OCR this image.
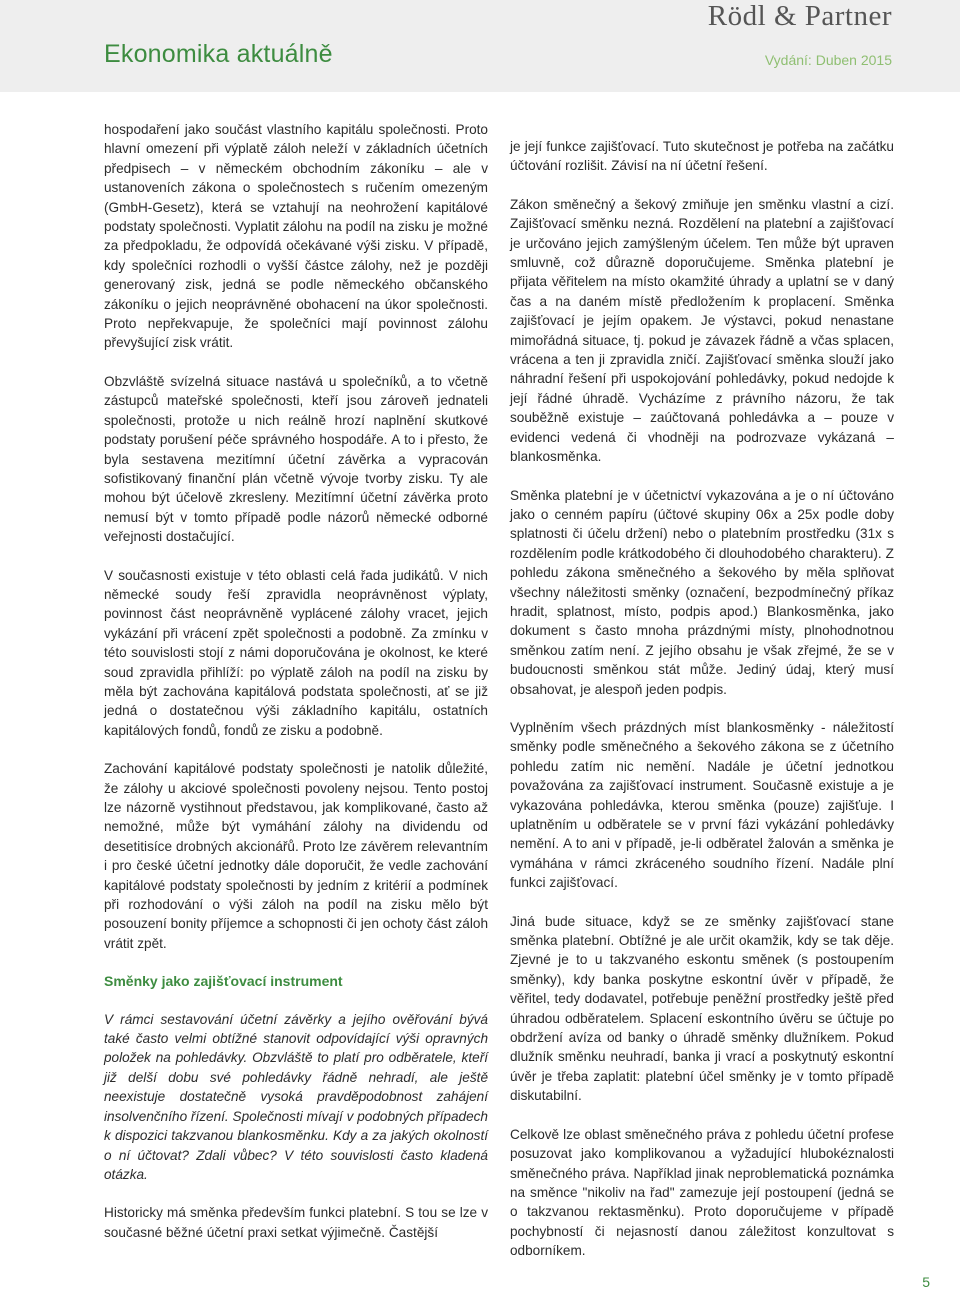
Rödl & Partner
Ekonomika aktuálně	Vydání: Duben 2015

hospodaření jako součást vlastního kapitálu společnosti. Proto hlavní omezení při výplatě záloh neleží v základních účetních předpisech – v německém obchodním zákoníku – ale v ustanoveních zákona o společnostech s ručením omezeným (GmbH-Gesetz), která se vztahují na neohrožení kapitálové podstaty společnosti. Vyplatit zálohu na podíl na zisku je možné za předpokladu, že odpovídá očekávané výši zisku. V případě, kdy společníci rozhodli o vyšší částce zálohy, než je později generovaný zisk, jedná se podle německého občanského zákoníku o jejich neoprávněné obohacení na úkor společnosti. Proto nepřekvapuje, že společníci mají povinnost zálohu převyšující zisk vrátit.

Obzvláště svízelná situace nastává u společníků, a to včetně zástupců mateřské společnosti, kteří jsou zároveň jednateli společnosti, protože u nich reálně hrozí naplnění skutkové podstaty porušení péče správného hospodáře. A to i přesto, že byla sestavena mezitímní účetní závěrka a vypracován sofistikovaný finanční plán včetně vývoje tvorby zisku. Ty ale mohou být účelově zkresleny. Mezitímní účetní závěrka proto nemusí být v tomto případě podle názorů německé odborné veřejnosti dostačující.

V současnosti existuje v této oblasti celá řada judikátů. V nich německé soudy řeší zpravidla neoprávněnost výplaty, povinnost část neoprávněně vyplácené zálohy vracet, jejich vykázání při vrácení zpět společnosti a podobně. Za zmínku v této souvislosti stojí z námi doporučována je okolnost, ke které soud zpravidla přihlíží: po výplatě záloh na podíl na zisku by měla být zachována kapitálová podstata společnosti, ať se již jedná o dostatečnou výši základního kapitálu, ostatních kapitálových fondů, fondů ze zisku a podobně.

Zachování kapitálové podstaty společnosti je natolik důležité, že zálohy u akciové společnosti povoleny nejsou. Tento postoj lze názorně vystihnout představou, jak komplikované, často až nemožné, může být vymáhání zálohy na dividendu od desetitisíce drobných akcionářů. Proto lze závěrem relevantním i pro české účetní jednotky dále doporučit, že vedle zachování kapitálové podstaty společnosti by jedním z kritérií a podmínek při rozhodování o výši záloh na podíl na zisku mělo být posouzení bonity příjemce a schopnosti či jen ochoty část záloh vrátit zpět.

Směnky jako zajišťovací instrument

V rámci sestavování účetní závěrky a jejího ověřování bývá také často velmi obtížné stanovit odpovídající výši opravných položek na pohledávky. Obzvláště to platí pro odběratele, kteří již delší dobu své pohledávky řádně nehradí, ale ještě neexistuje dostatečně vysoká pravděpodobnost zahájení insolvenčního řízení. Společnosti mívají v podobných případech k dispozici takzvanou blankosměnku. Kdy a za jakých okolností o ní účtovat? Zdali vůbec? V této souvislosti často kladená otázka.

Historicky má směnka především funkci platební. S tou se lze v současné běžné účetní praxi setkat výjimečně. Častější

je její funkce zajišťovací. Tuto skutečnost je potřeba na začátku účtování rozlišit. Závisí na ní účetní řešení.

Zákon směnečný a šekový zmiňuje jen směnku vlastní a cizí. Zajišťovací směnku nezná. Rozdělení na platební a zajišťovací je určováno jejich zamýšleným účelem. Ten může být upraven smluvně, což důrazně doporučujeme. Směnka platební je přijata věřitelem na místo okamžité úhrady a uplatní se v daný čas a na daném místě předložením k proplacení. Směnka zajišťovací je jejím opakem. Je výstavci, pokud nenastane mimořádná situace, tj. pokud je závazek řádně a včas splacen, vrácena a ten ji zpravidla zničí. Zajišťovací směnka slouží jako náhradní řešení při uspokojování pohledávky, pokud nedojde k její řádné úhradě. Vycházíme z právního názoru, že tak souběžně existuje – zaúčtovaná pohledávka a – pouze v evidenci vedená či vhodněji na podrozvaze vykázaná – blankosměnka.

Směnka platební je v účetnictví vykazována a je o ní účtováno jako o cenném papíru (účtové skupiny 06x a 25x podle doby splatnosti či účelu držení) nebo o platebním prostředku (31x s rozdělením podle krátkodobého či dlouhodobého charakteru). Z pohledu zákona směnečného a šekového by měla splňovat všechny náležitosti směnky (označení, bezpodmínečný příkaz hradit, splatnost, místo, podpis apod.) Blankosměnka, jako dokument s často mnoha prázdnými místy, plnohodnotnou směnkou zatím není. Z jejího obsahu je však zřejmé, že se v budoucnosti směnkou stát může. Jediný údaj, který musí obsahovat, je alespoň jeden podpis.

Vyplněním všech prázdných míst blankosměnky - náležitostí směnky podle směnečného a šekového zákona se z účetního pohledu zatím nic nemění. Nadále je účetní jednotkou považována za zajišťovací instrument. Současně existuje a je vykazována pohledávka, kterou směnka (pouze) zajišťuje. I uplatněním u odběratele se v první fázi vykázání pohledávky nemění. A to ani v případě, je-li odběratel žalován a směnka je vymáhána v rámci zkráceného soudního řízení. Nadále plní funkci zajišťovací.

Jiná bude situace, když se ze směnky zajišťovací stane směnka platební. Obtížné je ale určit okamžik, kdy se tak děje. Zjevné je to u takzvaného eskontu směnek (s postoupením směnky), kdy banka poskytne eskontní úvěr v případě, že věřitel, tedy dodavatel, potřebuje peněžní prostředky ještě před úhradou odběratelem. Splacení eskontního úvěru se účtuje po obdržení avíza od banky o úhradě směnky dlužníkem. Pokud dlužník směnku neuhradí, banka ji vrací a poskytnutý eskontní úvěr je třeba zaplatit: platební účel směnky je v tomto případě diskutabilní.

Celkově lze oblast směnečného práva z pohledu účetní profese posuzovat jako komplikovanou a vyžadující hlubokéznalosti směnečného práva. Například jinak neproblematická poznámka na směnce "nikoliv na řad" zamezuje její postoupení (jedná se o takzvanou rektasměnku). Proto doporučujeme v případě pochybností či nejasností danou záležitost konzultovat s odborníkem.

5
